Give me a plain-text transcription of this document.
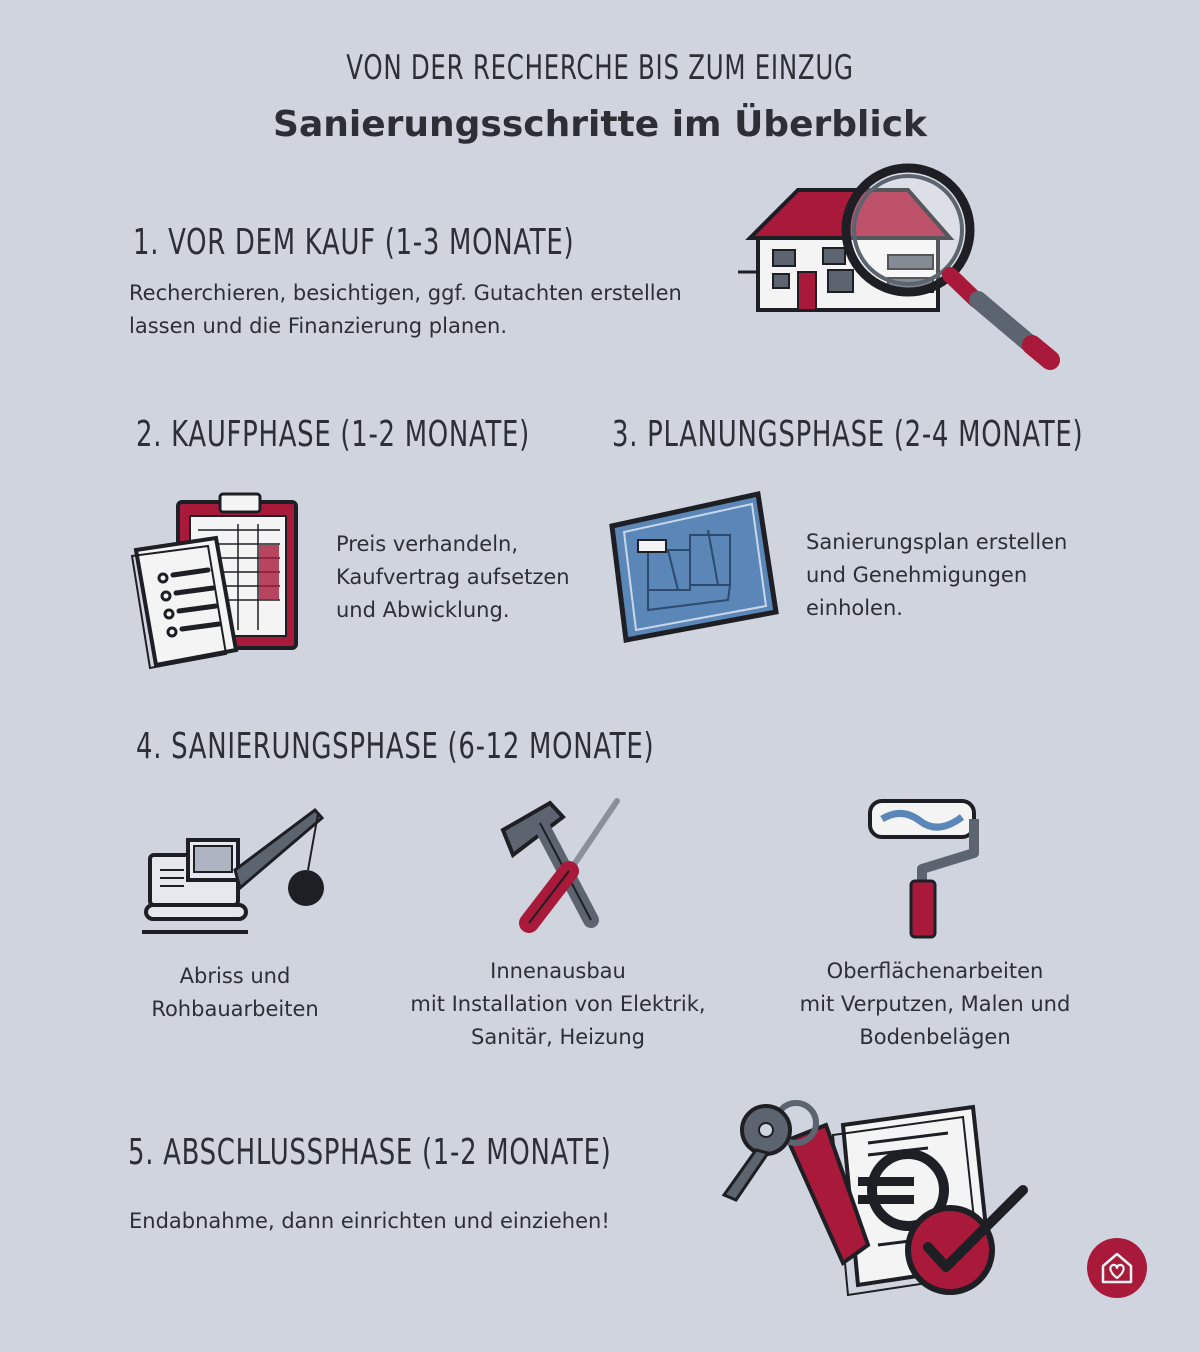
VON DER RECHERCHE BIS ZUM EINZUG
Sanierungsschritte im Überblick
1. VOR DEM KAUF (1-3 MONATE)
Recherchieren, besichtigen, ggf. Gutachten erstellen
lassen und die Finanzierung planen.
2. KAUFPHASE (1-2 MONATE)
Preis verhandeln,
Kaufvertrag aufsetzen
und Abwicklung.
3. PLANUNGSPHASE (2-4 MONATE)
Sanierungsplan erstellen
und Genehmigungen
einholen.
4. SANIERUNGSPHASE (6-12 MONATE)
Abriss und
Rohbauarbeiten
Innenausbau
mit Installation von Elektrik,
Sanitär, Heizung
Oberflächenarbeiten
mit Verputzen, Malen und
Bodenbelägen
5. ABSCHLUSSPHASE (1-2 MONATE)
Endabnahme, dann einrichten und einziehen!
